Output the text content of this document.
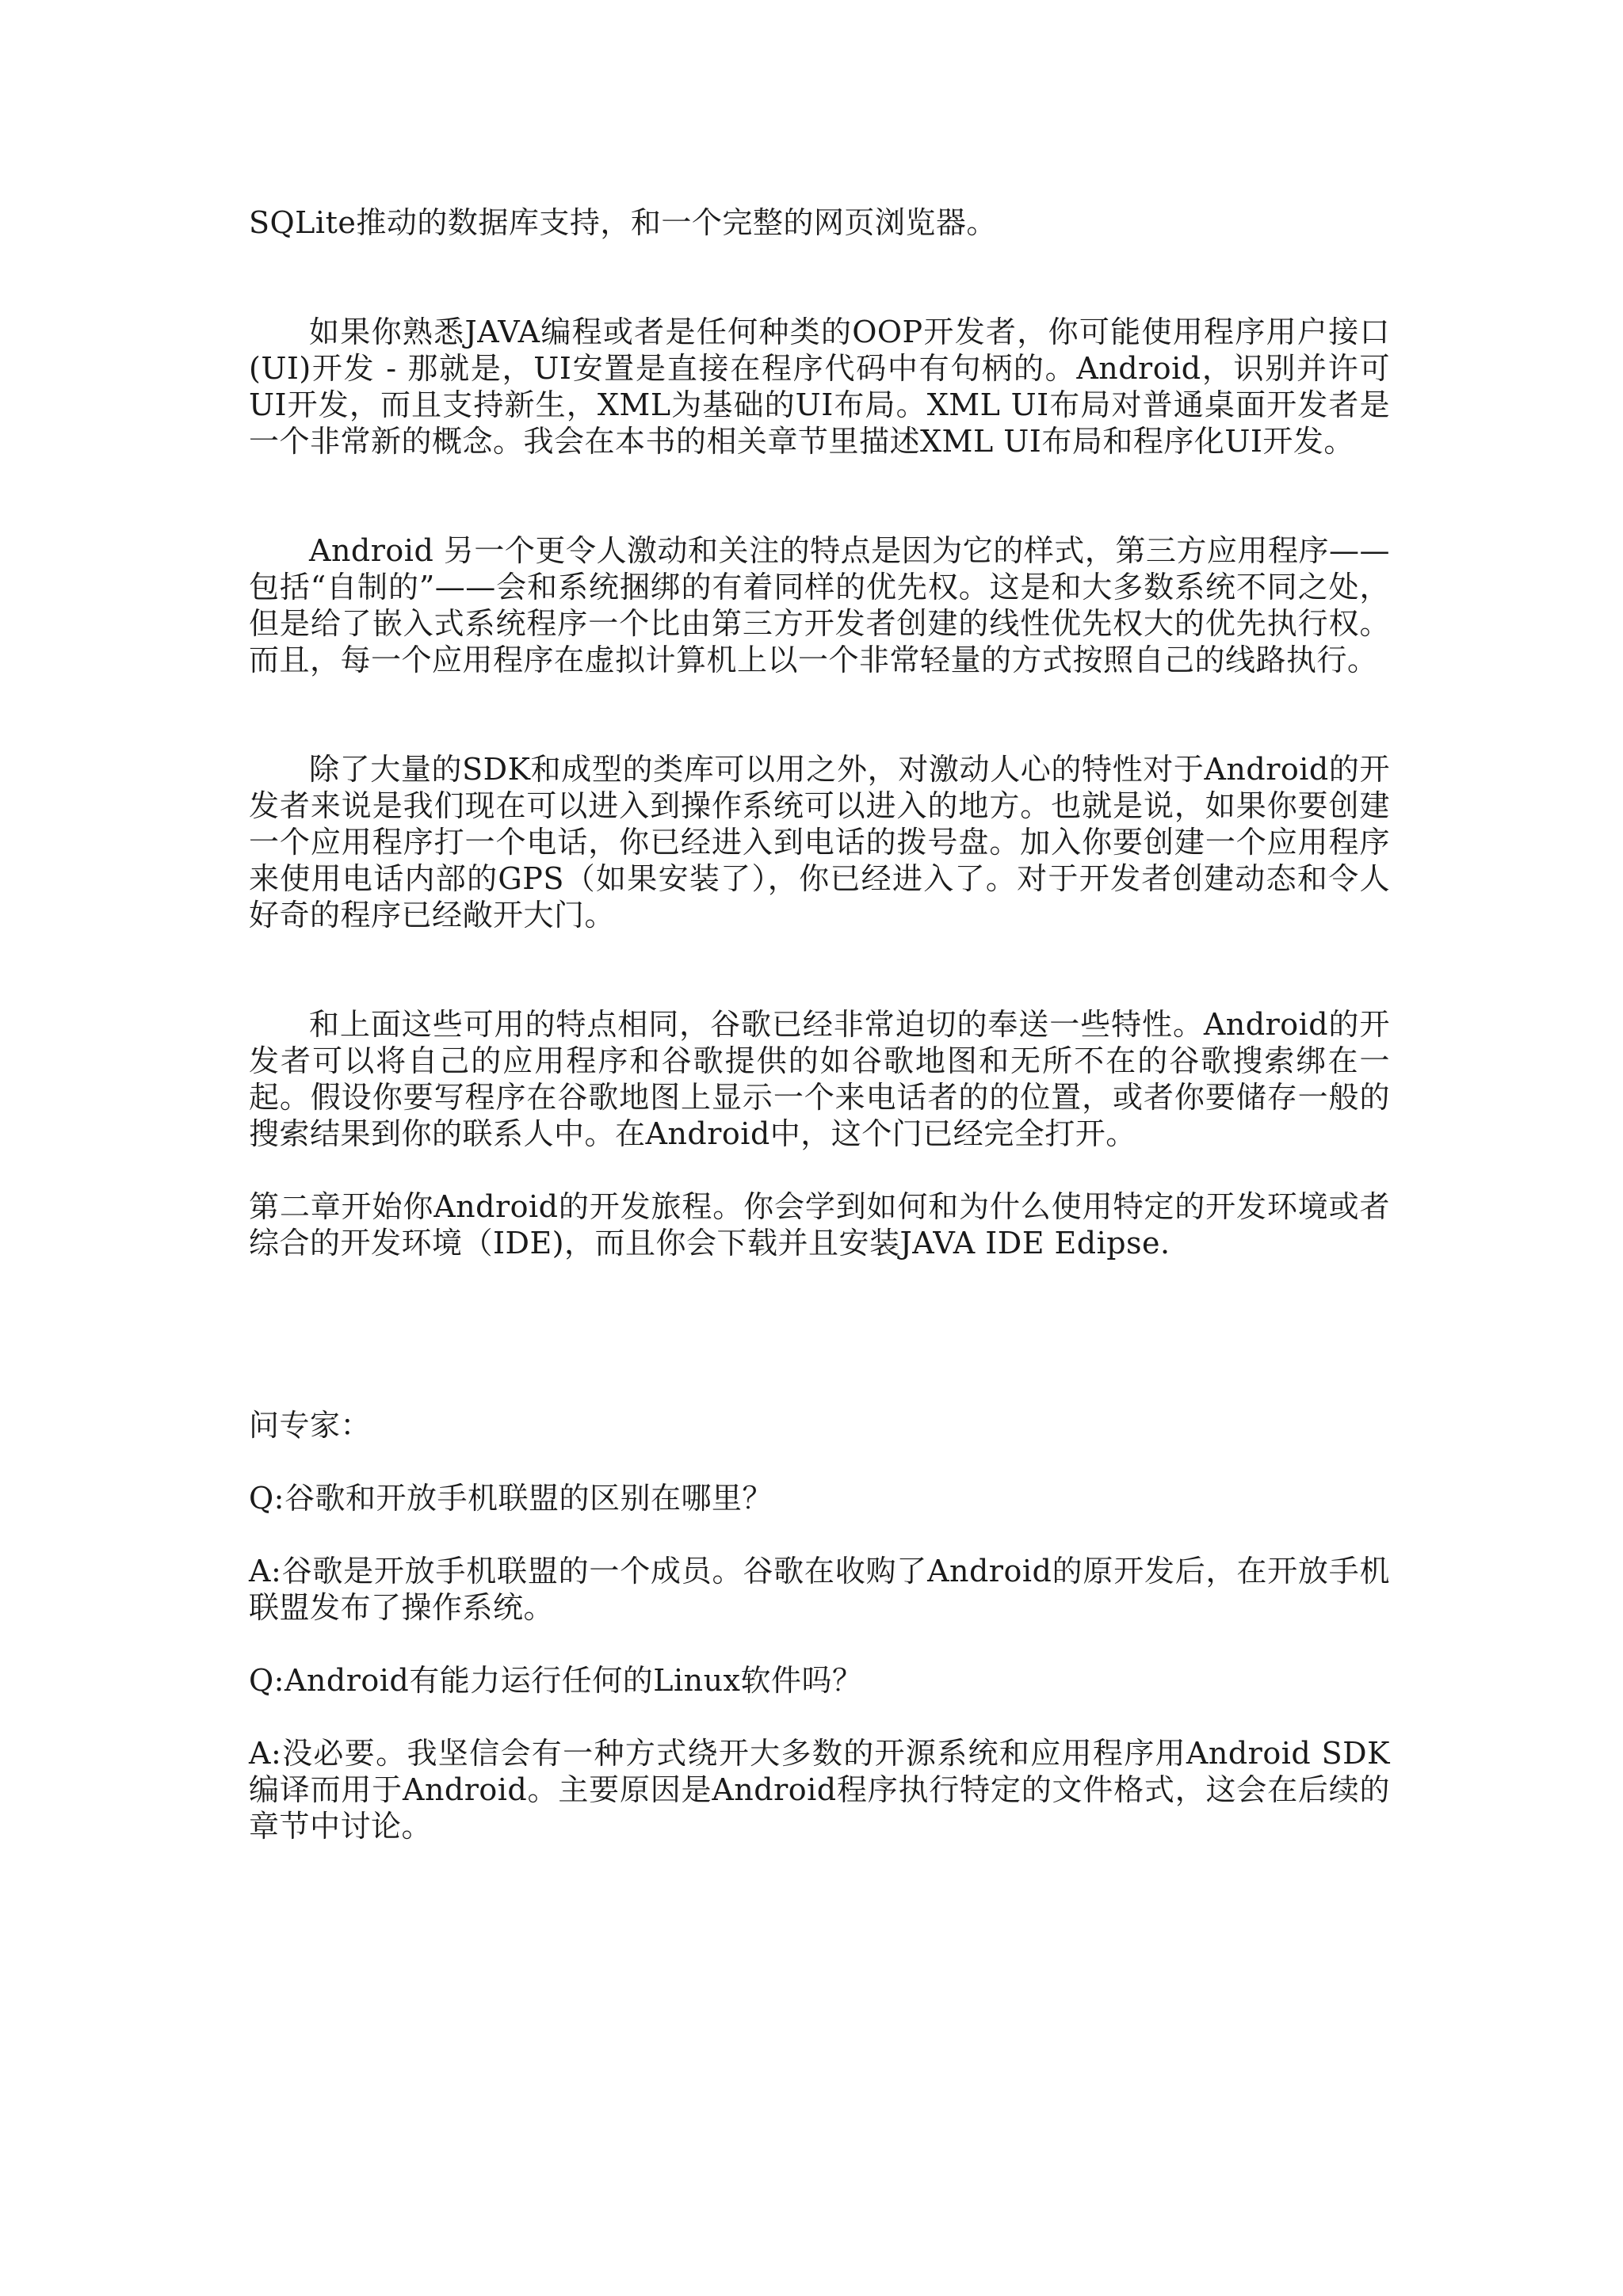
SQLite推动的数据库支持，和一个完整的网页浏览器。

如果你熟悉JAVA编程或者是任何种类的OOP开发者，你可能使用程序用户接口(UI)开发 - 那就是，UI安置是直接在程序代码中有句柄的。Android，识别并许可UI开发，而且支持新生，XML为基础的UI布局。XML UI布局对普通桌面开发者是一个非常新的概念。我会在本书的相关章节里描述XML UI布局和程序化UI开发。

Android 另一个更令人激动和关注的特点是因为它的样式，第三方应用程序——包括“自制的”——会和系统捆绑的有着同样的优先权。这是和大多数系统不同之处，但是给了嵌入式系统程序一个比由第三方开发者创建的线性优先权大的优先执行权。而且，每一个应用程序在虚拟计算机上以一个非常轻量的方式按照自己的线路执行。

除了大量的SDK和成型的类库可以用之外，对激动人心的特性对于Android的开发者来说是我们现在可以进入到操作系统可以进入的地方。也就是说，如果你要创建一个应用程序打一个电话，你已经进入到电话的拨号盘。加入你要创建一个应用程序来使用电话内部的GPS（如果安装了），你已经进入了。对于开发者创建动态和令人好奇的程序已经敞开大门。

和上面这些可用的特点相同，谷歌已经非常迫切的奉送一些特性。Android的开发者可以将自己的应用程序和谷歌提供的如谷歌地图和无所不在的谷歌搜索绑在一起。假设你要写程序在谷歌地图上显示一个来电话者的的位置，或者你要储存一般的搜索结果到你的联系人中。在Android中，这个门已经完全打开。

第二章开始你Android的开发旅程。你会学到如何和为什么使用特定的开发环境或者综合的开发环境（IDE)，而且你会下载并且安装JAVA IDE Edipse.

问专家：

Q:谷歌和开放手机联盟的区别在哪里？

A:谷歌是开放手机联盟的一个成员。谷歌在收购了Android的原开发后，在开放手机联盟发布了操作系统。

Q:Android有能力运行任何的Linux软件吗？

A:没必要。我坚信会有一种方式绕开大多数的开源系统和应用程序用Android SDK编译而用于Android。主要原因是Android程序执行特定的文件格式，这会在后续的章节中讨论。
